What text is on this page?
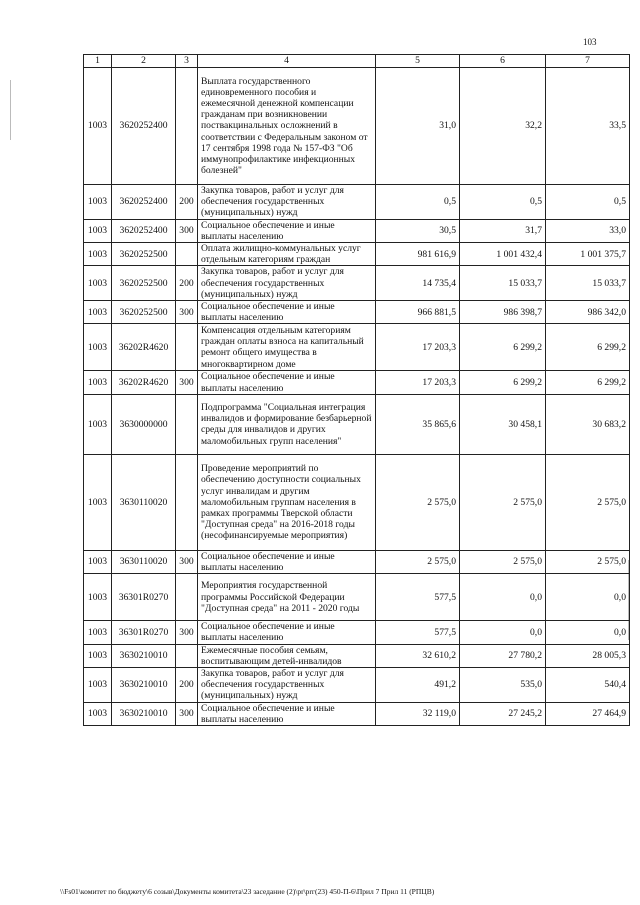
103
1	2	3	4	5	6	7
1003	3620252400		Выплата государственного единовременного пособия и ежемесячной денежной компенсации гражданам при возникновении поствакцинальных осложнений в соответствии с Федеральным законом от 17 сентября 1998 года № 157-ФЗ "Об иммунопрофилактике инфекционных болезней"	31,0	32,2	33,5
1003	3620252400	200	Закупка товаров, работ и услуг для обеспечения государственных (муниципальных) нужд	0,5	0,5	0,5
1003	3620252400	300	Социальное обеспечение и иные выплаты населению	30,5	31,7	33,0
1003	3620252500		Оплата жилищно-коммунальных услуг отдельным категориям граждан	981 616,9	1 001 432,4	1 001 375,7
1003	3620252500	200	Закупка товаров, работ и услуг для обеспечения государственных (муниципальных) нужд	14 735,4	15 033,7	15 033,7
1003	3620252500	300	Социальное обеспечение и иные выплаты населению	966 881,5	986 398,7	986 342,0
1003	36202R4620		Компенсация отдельным категориям граждан оплаты взноса на капитальный ремонт общего имущества в многоквартирном доме	17 203,3	6 299,2	6 299,2
1003	36202R4620	300	Социальное обеспечение и иные выплаты населению	17 203,3	6 299,2	6 299,2
1003	3630000000		Подпрограмма "Социальная интеграция инвалидов и формирование безбарьерной среды для инвалидов и других маломобильных групп населения"	35 865,6	30 458,1	30 683,2
1003	3630110020		Проведение мероприятий по обеспечению доступности социальных услуг инвалидам и другим маломобильным группам населения в рамках программы Тверской области "Доступная среда" на 2016-2018 годы (несофинансируемые мероприятия)	2 575,0	2 575,0	2 575,0
1003	3630110020	300	Социальное обеспечение и иные выплаты населению	2 575,0	2 575,0	2 575,0
1003	36301R0270		Мероприятия государственной программы Российской Федерации "Доступная среда" на 2011 - 2020 годы	577,5	0,0	0,0
1003	36301R0270	300	Социальное обеспечение и иные выплаты населению	577,5	0,0	0,0
1003	3630210010		Ежемесячные пособия семьям, воспитывающим детей-инвалидов	32 610,2	27 780,2	28 005,3
1003	3630210010	200	Закупка товаров, работ и услуг для обеспечения государственных (муниципальных) нужд	491,2	535,0	540,4
1003	3630210010	300	Социальное обеспечение и иные выплаты населению	32 119,0	27 245,2	27 464,9
\\Fs01\комитет по бюджету\6 созыв\Документы комитета\23 заседание (2)\pr\prг(23) 450-П-6\Прил 7 Прил 11 (РПЦВ)
